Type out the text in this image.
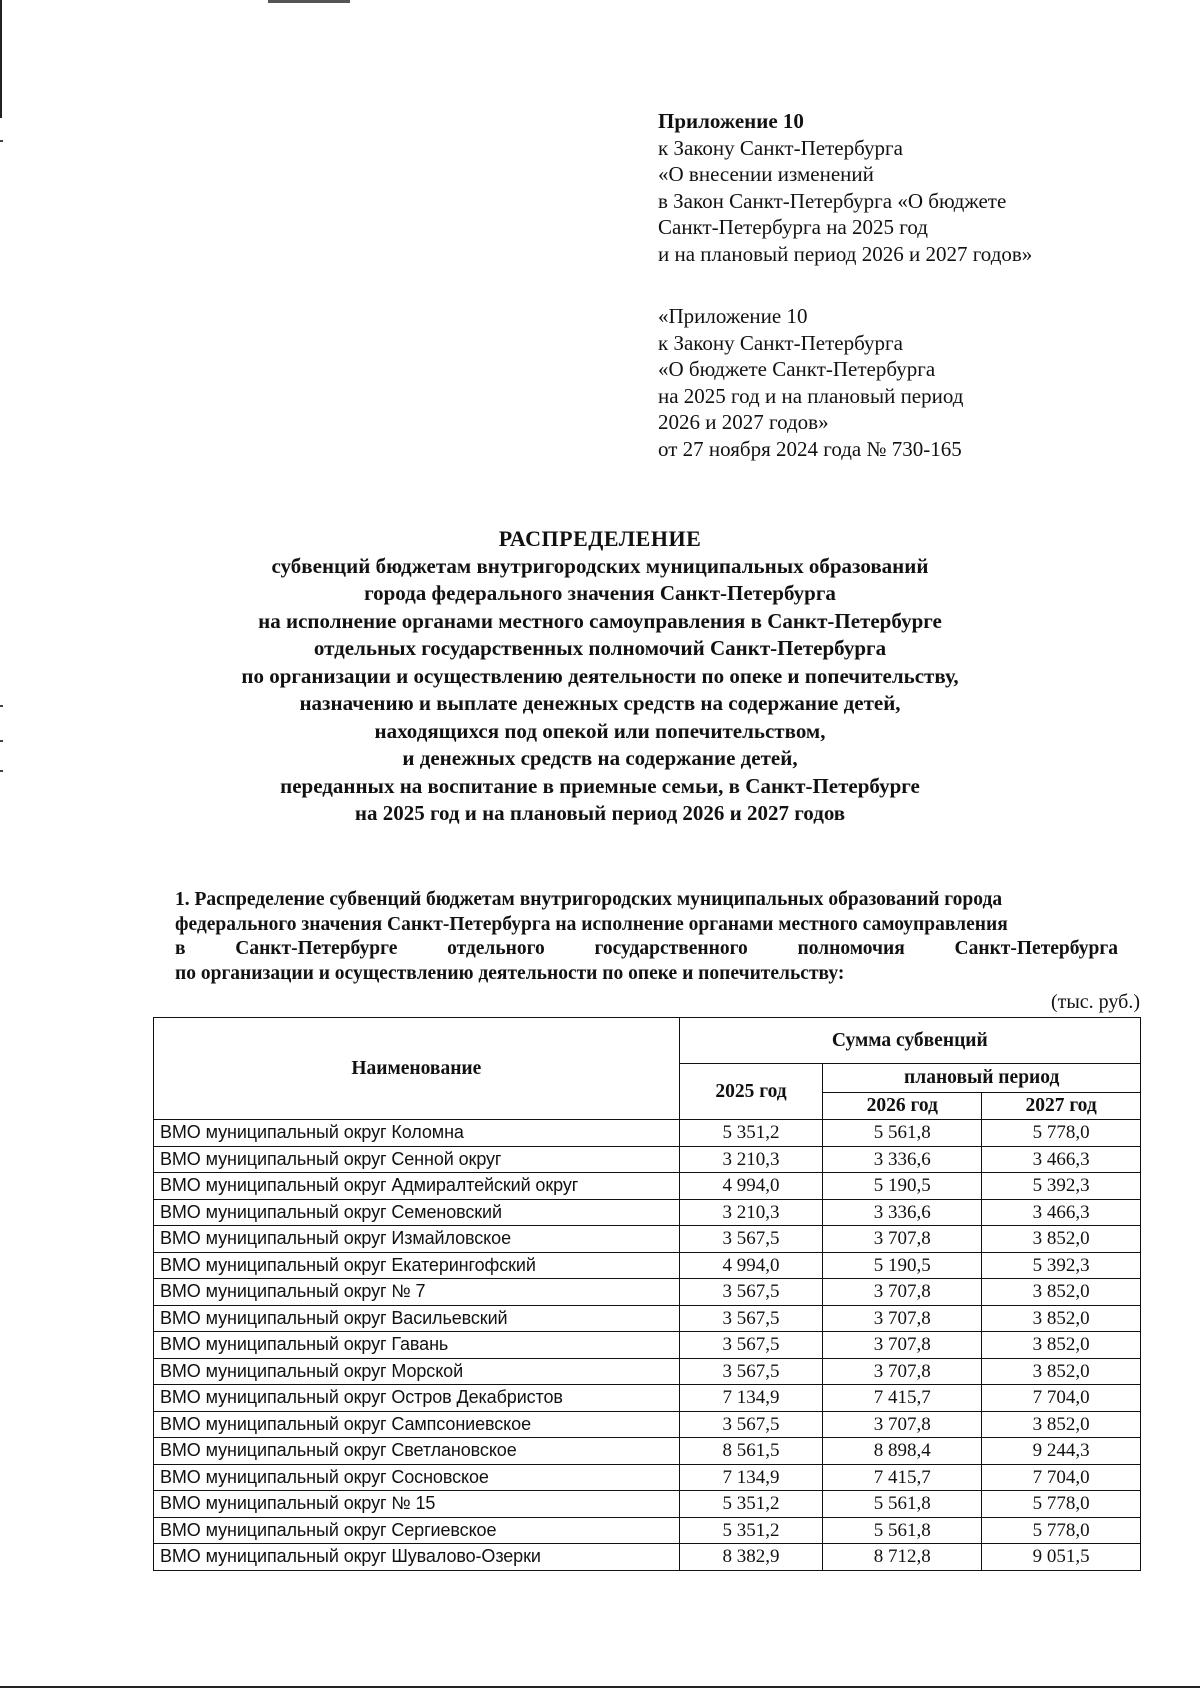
Приложение 10
к Закону Санкт-Петербурга
«О внесении изменений
в Закон Санкт-Петербурга «О бюджете
Санкт-Петербурга на 2025 год
и на плановый период 2026 и 2027 годов»
«Приложение 10
к Закону Санкт-Петербурга
«О бюджете Санкт-Петербурга
на 2025 год и на плановый период
2026 и 2027 годов»
от 27 ноября 2024 года № 730-165
РАСПРЕДЕЛЕНИЕ
субвенций бюджетам внутригородских муниципальных образований
города федерального значения Санкт-Петербурга
на исполнение органами местного самоуправления в Санкт-Петербурге
отдельных государственных полномочий Санкт-Петербурга
по организации и осуществлению деятельности по опеке и попечительству,
назначению и выплате денежных средств на содержание детей,
находящихся под опекой или попечительством,
и денежных средств на содержание детей,
переданных на воспитание в приемные семьи, в Санкт-Петербурге
на 2025 год и на плановый период 2026 и 2027 годов
1. Распределение субвенций бюджетам внутригородских муниципальных образований города
федерального значения Санкт-Петербурга на исполнение органами местного самоуправления
в	Санкт-Петербурге	отдельного	государственного	полномочия	Санкт-Петербурга
по организации и осуществлению деятельности по опеке и попечительству:
(тыс. руб.)
Наименование	Сумма субвенций		
	2025 год	плановый период	
		2026 год	2027 год
ВМО муниципальный округ Коломна	5 351,2	5 561,8	5 778,0
ВМО муниципальный округ Сенной округ	3 210,3	3 336,6	3 466,3
ВМО муниципальный округ Адмиралтейский округ	4 994,0	5 190,5	5 392,3
ВМО муниципальный округ Семеновский	3 210,3	3 336,6	3 466,3
ВМО муниципальный округ Измайловское	3 567,5	3 707,8	3 852,0
ВМО муниципальный округ Екатерингофский	4 994,0	5 190,5	5 392,3
ВМО муниципальный округ № 7	3 567,5	3 707,8	3 852,0
ВМО муниципальный округ Васильевский	3 567,5	3 707,8	3 852,0
ВМО муниципальный округ Гавань	3 567,5	3 707,8	3 852,0
ВМО муниципальный округ Морской	3 567,5	3 707,8	3 852,0
ВМО муниципальный округ Остров Декабристов	7 134,9	7 415,7	7 704,0
ВМО муниципальный округ Сампсониевское	3 567,5	3 707,8	3 852,0
ВМО муниципальный округ Светлановское	8 561,5	8 898,4	9 244,3
ВМО муниципальный округ Сосновское	7 134,9	7 415,7	7 704,0
ВМО муниципальный округ № 15	5 351,2	5 561,8	5 778,0
ВМО муниципальный округ Сергиевское	5 351,2	5 561,8	5 778,0
ВМО муниципальный округ Шувалово-Озерки	8 382,9	8 712,8	9 051,5
